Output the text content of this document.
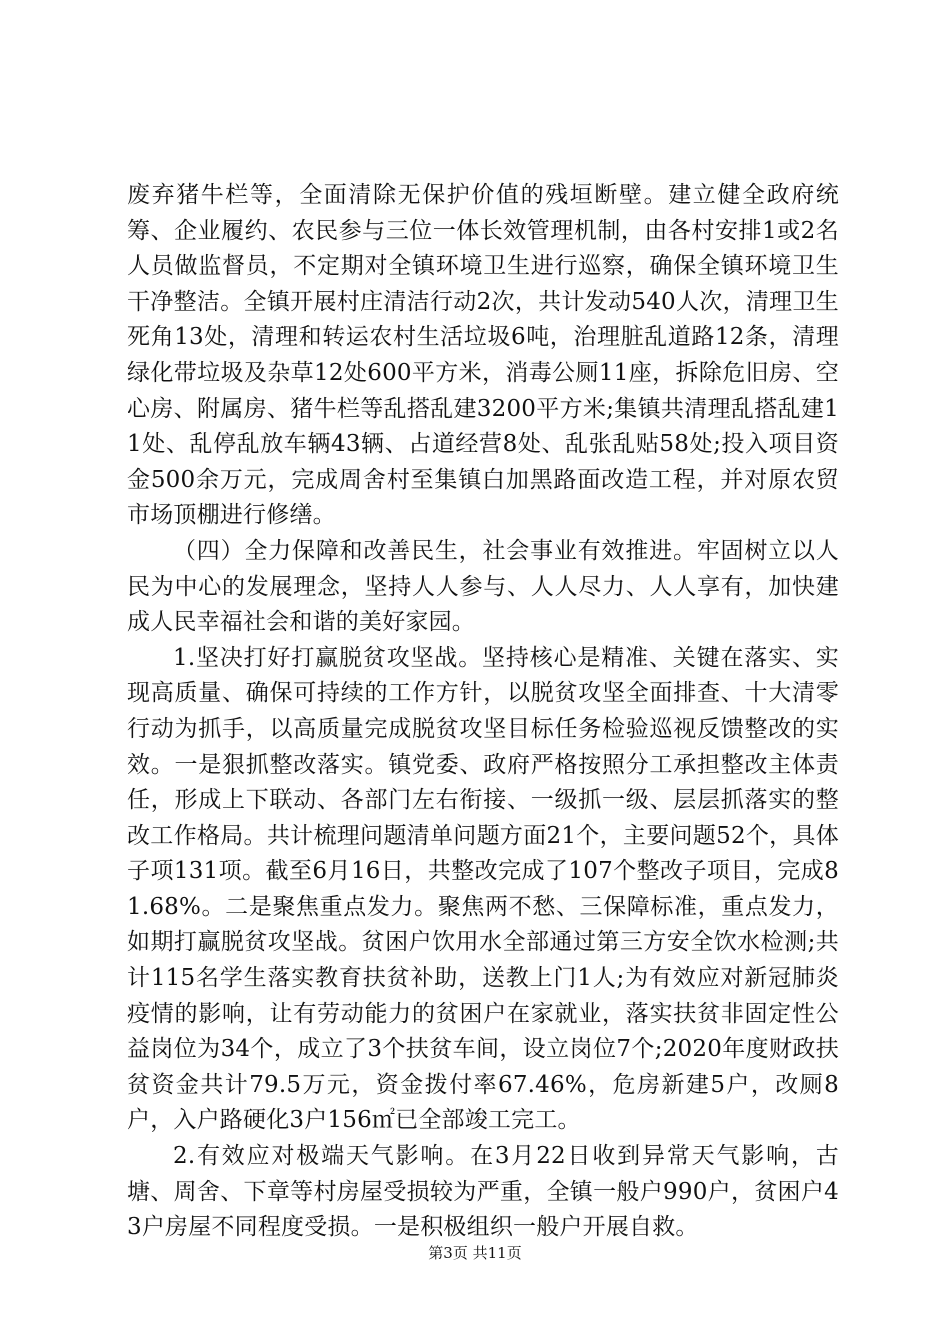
废弃猪牛栏等，全面清除无保护价值的残垣断壁。建立健全政府统筹、企业履约、农民参与三位一体长效管理机制，由各村安排1或2名人员做监督员，不定期对全镇环境卫生进行巡察，确保全镇环境卫生干净整洁。全镇开展村庄清洁行动2次，共计发动540人次，清理卫生死角13处，清理和转运农村生活垃圾6吨，治理脏乱道路12条，清理绿化带垃圾及杂草12处600平方米，消毒公厕11座，拆除危旧房、空心房、附属房、猪牛栏等乱搭乱建3200平方米;集镇共清理乱搭乱建11处、乱停乱放车辆43辆、占道经营8处、乱张乱贴58处;投入项目资金500余万元，完成周舍村至集镇白加黑路面改造工程，并对原农贸市场顶棚进行修缮。

（四）全力保障和改善民生，社会事业有效推进。牢固树立以人民为中心的发展理念，坚持人人参与、人人尽力、人人享有，加快建成人民幸福社会和谐的美好家园。

1.坚决打好打赢脱贫攻坚战。坚持核心是精准、关键在落实、实现高质量、确保可持续的工作方针，以脱贫攻坚全面排查、十大清零行动为抓手，以高质量完成脱贫攻坚目标任务检验巡视反馈整改的实效。一是狠抓整改落实。镇党委、政府严格按照分工承担整改主体责任，形成上下联动、各部门左右衔接、一级抓一级、层层抓落实的整改工作格局。共计梳理问题清单问题方面21个，主要问题52个，具体子项131项。截至6月16日，共整改完成了107个整改子项目，完成81.68%。二是聚焦重点发力。聚焦两不愁、三保障标准，重点发力，如期打赢脱贫攻坚战。贫困户饮用水全部通过第三方安全饮水检测;共计115名学生落实教育扶贫补助，送教上门1人;为有效应对新冠肺炎疫情的影响，让有劳动能力的贫困户在家就业，落实扶贫非固定性公益岗位为34个，成立了3个扶贫车间，设立岗位7个;2020年度财政扶贫资金共计79.5万元，资金拨付率67.46%，危房新建5户，改厕8户，入户路硬化3户156㎡已全部竣工完工。

2.有效应对极端天气影响。在3月22日收到异常天气影响，古塘、周舍、下章等村房屋受损较为严重，全镇一般户990户，贫困户43户房屋不同程度受损。一是积极组织一般户开展自救。

第3页 共11页
